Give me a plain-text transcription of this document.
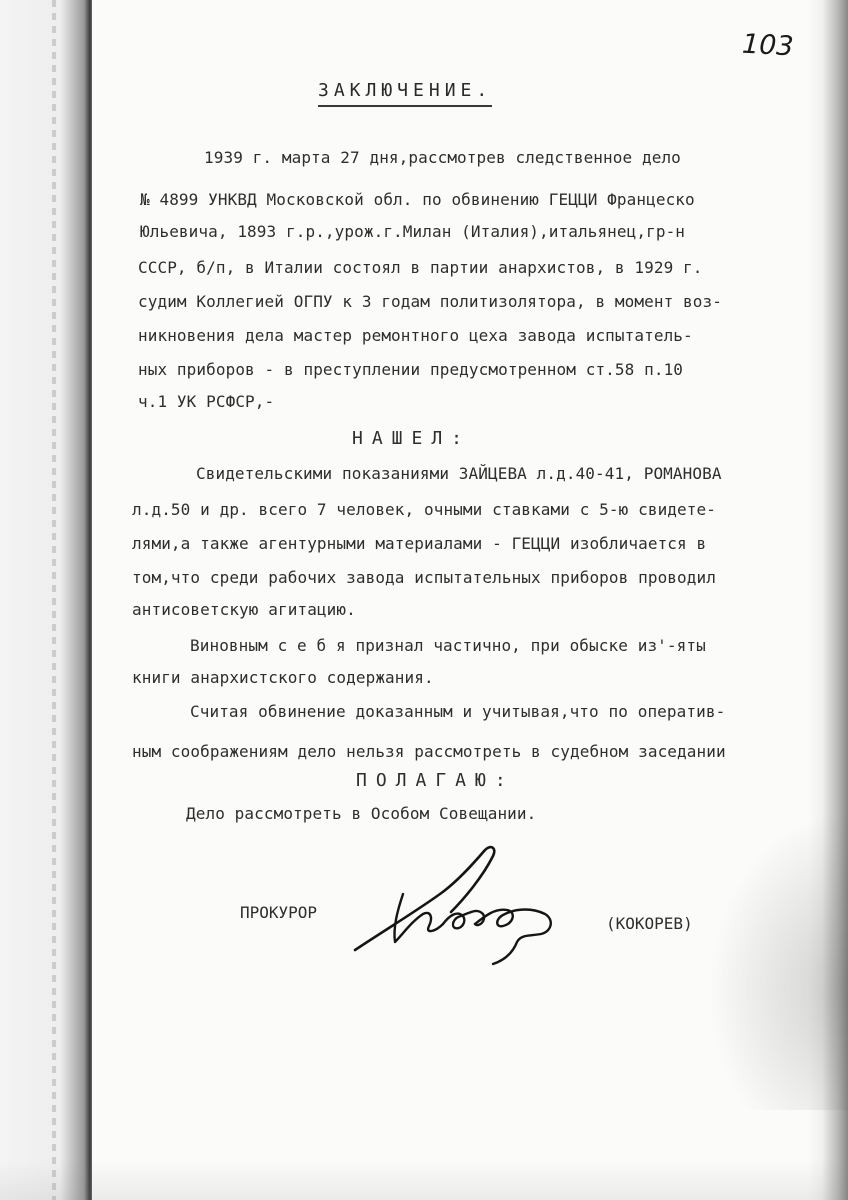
103
ЗАКЛЮЧЕНИЕ.
1939 г. марта 27 дня,рассмотрев следственное дело
№ 4899 УНКВД Московской обл. по обвинению ГЕЦЦИ Францеско
Юльевича, 1893 г.р.,урож.г.Милан (Италия),итальянец,гр-н
СССР, б/п, в Италии состоял в партии анархистов, в 1929 г.
судим Коллегией ОГПУ к 3 годам политизолятора, в момент воз-
никновения дела мастер ремонтного цеха завода испытатель-
ных приборов - в преступлении предусмотренном ст.58 п.10
ч.1 УК РСФСР,-
НАШЕЛ:
Свидетельскими показаниями ЗАЙЦЕВА л.д.40-41, РОМАНОВА
л.д.50 и др. всего 7 человек, очными ставками с 5-ю свидете-
лями,а также агентурными материалами - ГЕЦЦИ изобличается в
том,что среди рабочих завода испытательных приборов проводил
антисоветскую агитацию.
Виновным с е б я признал частично, при обыске из'-яты
книги анархистского содержания.
Считая обвинение доказанным и учитывая,что по оператив-
ным соображениям дело нельзя рассмотреть в судебном заседании
ПОЛАГАЮ:
Дело рассмотреть в Особом Совещании.
ПРОКУРОР
(КОКОРЕВ)
